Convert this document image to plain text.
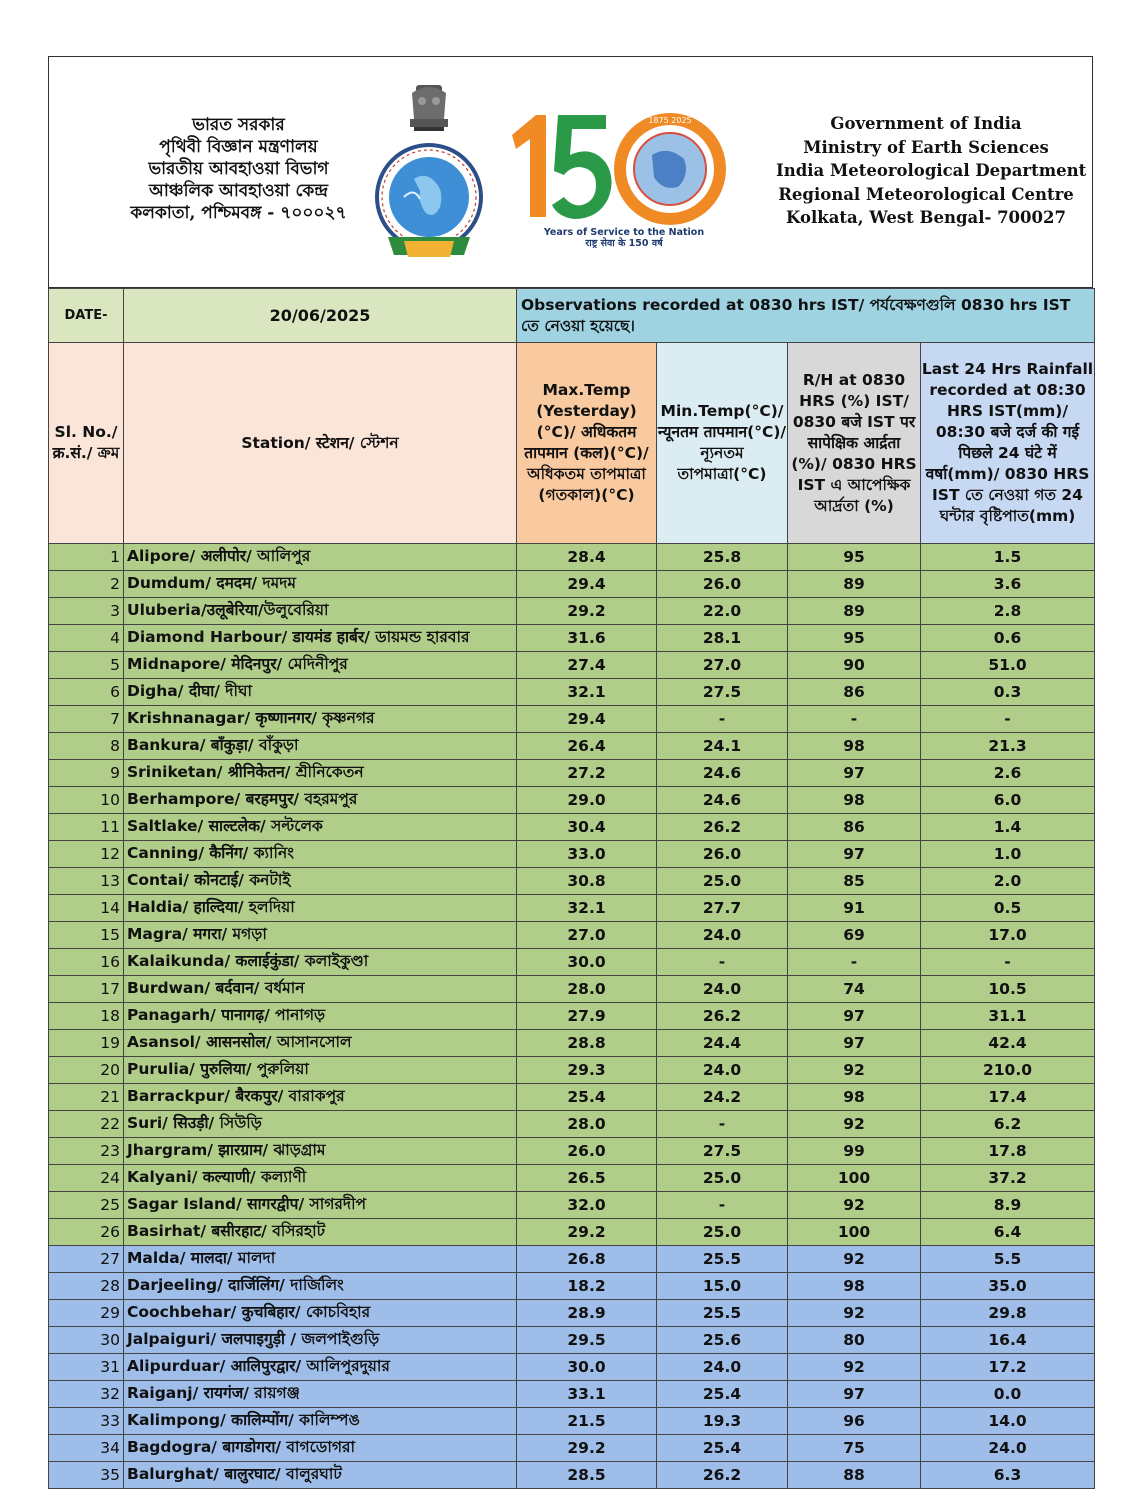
ভারত সরকার
পৃথিবী বিজ্ঞান মন্ত্রণালয়
ভারতীয় আবহাওয়া বিভাগ
আঞ্চলিক আবহাওয়া কেন্দ্র
কলকাতা, পশ্চিমবঙ্গ - ৭০০০২৭
1875 2025
Years of Service to the Nation
राष्ट्र सेवा के 150 वर्ष
Government of India
Ministry of Earth Sciences
India Meteorological Department
Regional Meteorological Centre
Kolkata, West Bengal- 700027
DATE-	20/06/2025	Observations recorded at 0830 hrs IST/ পর্যবেক্ষণগুলি 0830 hrs IST তে নেওয়া হয়েছে।			
Sl. No./ क्र.सं./ ক্রম	Station/ स्टेशन/ স্টেশন	Max.Temp (Yesterday)(°C)/ अधिकतम तापमान (कल)(°C)/ অধিকতম তাপমাত্রা (গতকাল)(°C)	Min.Temp(°C)/ न्यूनतम तापमान(°C)/ ন্যূনতম তাপমাত্রা(°C)	R/H at 0830 HRS (%) IST/ 0830 बजे IST पर सापेक्षिक आर्द्रता (%)/ 0830 HRS IST এ আপেক্ষিক আর্দ্রতা (%)	Last 24 Hrs Rainfall recorded at 08:30 HRS IST(mm)/ 08:30 बजे दर्ज की गई पिछले 24 घंटे में वर्षा(mm)/ 0830 HRS IST তে নেওয়া গত 24 ঘন্টার বৃষ্টিপাত(mm)
1	Alipore/ अलीपोर/ আলিপুর	28.4	25.8	95	1.5
2	Dumdum/ दमदम/ দমদম	29.4	26.0	89	3.6
3	Uluberia/उलूबेरिया/উলুবেরিয়া	29.2	22.0	89	2.8
4	Diamond Harbour/ डायमंड हार्बर/ ডায়মন্ড হারবার	31.6	28.1	95	0.6
5	Midnapore/ मेदिनपुर/ মেদিনীপুর	27.4	27.0	90	51.0
6	Digha/ दीघा/ দীঘা	32.1	27.5	86	0.3
7	Krishnanagar/ कृष्णानगर/ কৃষ্ণনগর	29.4	-	-	-
8	Bankura/ बाँकुड़ा/ বাঁকুড়া	26.4	24.1	98	21.3
9	Sriniketan/ श्रीनिकेतन/ শ্রীনিকেতন	27.2	24.6	97	2.6
10	Berhampore/ बरहमपुर/ বহরমপুর	29.0	24.6	98	6.0
11	Saltlake/ साल्टलेक/ সল্টলেক	30.4	26.2	86	1.4
12	Canning/ कैनिंग/ ক্যানিং	33.0	26.0	97	1.0
13	Contai/ कोनटाई/ কনটাই	30.8	25.0	85	2.0
14	Haldia/ हाल्दिया/ হলদিয়া	32.1	27.7	91	0.5
15	Magra/ मगरा/ মগড়া	27.0	24.0	69	17.0
16	Kalaikunda/ कलाईकुंडा/ কলাইকুণ্ডা	30.0	-	-	-
17	Burdwan/ बर्दवान/ বর্ধমান	28.0	24.0	74	10.5
18	Panagarh/ पानागढ़/ পানাগড়	27.9	26.2	97	31.1
19	Asansol/ आसनसोल/ আসানসোল	28.8	24.4	97	42.4
20	Purulia/ पुरुलिया/ পুরুলিয়া	29.3	24.0	92	210.0
21	Barrackpur/ बैरकपुर/ বারাকপুর	25.4	24.2	98	17.4
22	Suri/ सिउड़ी/ সিউড়ি	28.0	-	92	6.2
23	Jhargram/ झारग्राम/ ঝাড়গ্রাম	26.0	27.5	99	17.8
24	Kalyani/ कल्याणी/ কল্যাণী	26.5	25.0	100	37.2
25	Sagar Island/ सागरद्वीप/ সাগরদীপ	32.0	-	92	8.9
26	Basirhat/ बसीरहाट/ বসিরহাট	29.2	25.0	100	6.4
27	Malda/ मालदा/ মালদা	26.8	25.5	92	5.5
28	Darjeeling/ दार्जिलिंग/ দার্জিলিং	18.2	15.0	98	35.0
29	Coochbehar/ कुचबिहार/ কোচবিহার	28.9	25.5	92	29.8
30	Jalpaiguri/ जलपाइगुड़ी / জলপাইগুড়ি	29.5	25.6	80	16.4
31	Alipurduar/ आलिपुरद्वार/ আলিপুরদুয়ার	30.0	24.0	92	17.2
32	Raiganj/ रायगंज/ রায়গঞ্জ	33.1	25.4	97	0.0
33	Kalimpong/ कालिम्पोंग/ কালিম্পঙ	21.5	19.3	96	14.0
34	Bagdogra/ बागडोगरा/ বাগডোগরা	29.2	25.4	75	24.0
35	Balurghat/ बालुरघाट/ বালুরঘাট	28.5	26.2	88	6.3
